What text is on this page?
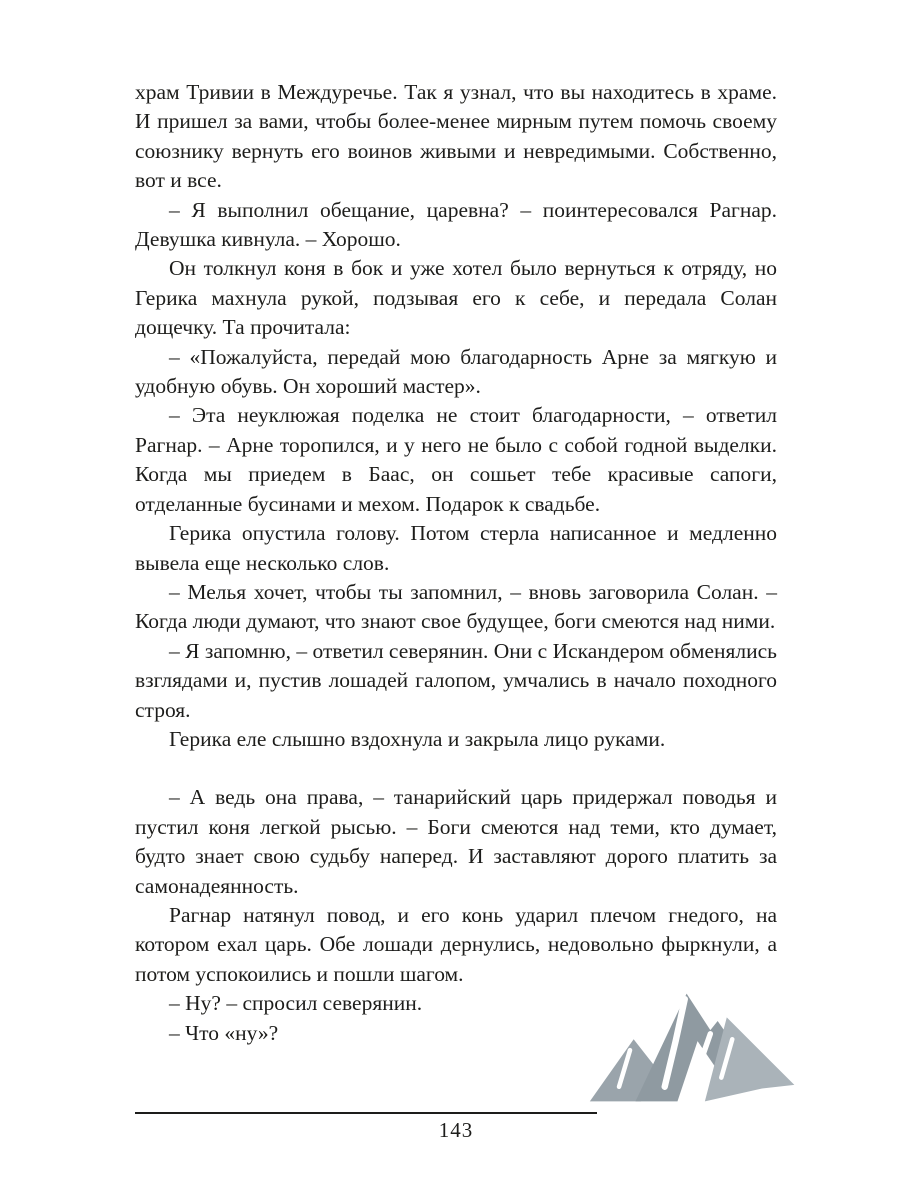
храм Тривии в Междуречье. Так я узнал, что вы находитесь в храме. И пришел за вами, чтобы более-менее мирным путем помочь своему союзнику вернуть его воинов живыми и невредимыми. Собственно, вот и все.

– Я выполнил обещание, царевна? – поинтересовался Рагнар. Девушка кивнула. – Хорошо.

Он толкнул коня в бок и уже хотел было вернуться к отряду, но Герика махнула рукой, подзывая его к себе, и передала Солан дощечку. Та прочитала:

– «Пожалуйста, передай мою благодарность Арне за мягкую и удобную обувь. Он хороший мастер».

– Эта неуклюжая поделка не стоит благодарности, – ответил Рагнар. – Арне торопился, и у него не было с собой годной выделки. Когда мы приедем в Баас, он сошьет тебе красивые сапоги, отделанные бусинами и мехом. Подарок к свадьбе.

Герика опустила голову. Потом стерла написанное и медленно вывела еще несколько слов.

– Мелья хочет, чтобы ты запомнил, – вновь заговорила Солан. – Когда люди думают, что знают свое будущее, боги смеются над ними.

– Я запомню, – ответил северянин. Они с Искандером обменялись взглядами и, пустив лошадей галопом, умчались в начало походного строя.

Герика еле слышно вздохнула и закрыла лицо руками.

– А ведь она права, – танарийский царь придержал поводья и пустил коня легкой рысью. – Боги смеются над теми, кто думает, будто знает свою судьбу наперед. И заставляют дорого платить за самонадеянность.

Рагнар натянул повод, и его конь ударил плечом гнедого, на котором ехал царь. Обе лошади дернулись, недовольно фыркнули, а потом успокоились и пошли шагом.

– Ну? – спросил северянин.

– Что «ну»?

143
